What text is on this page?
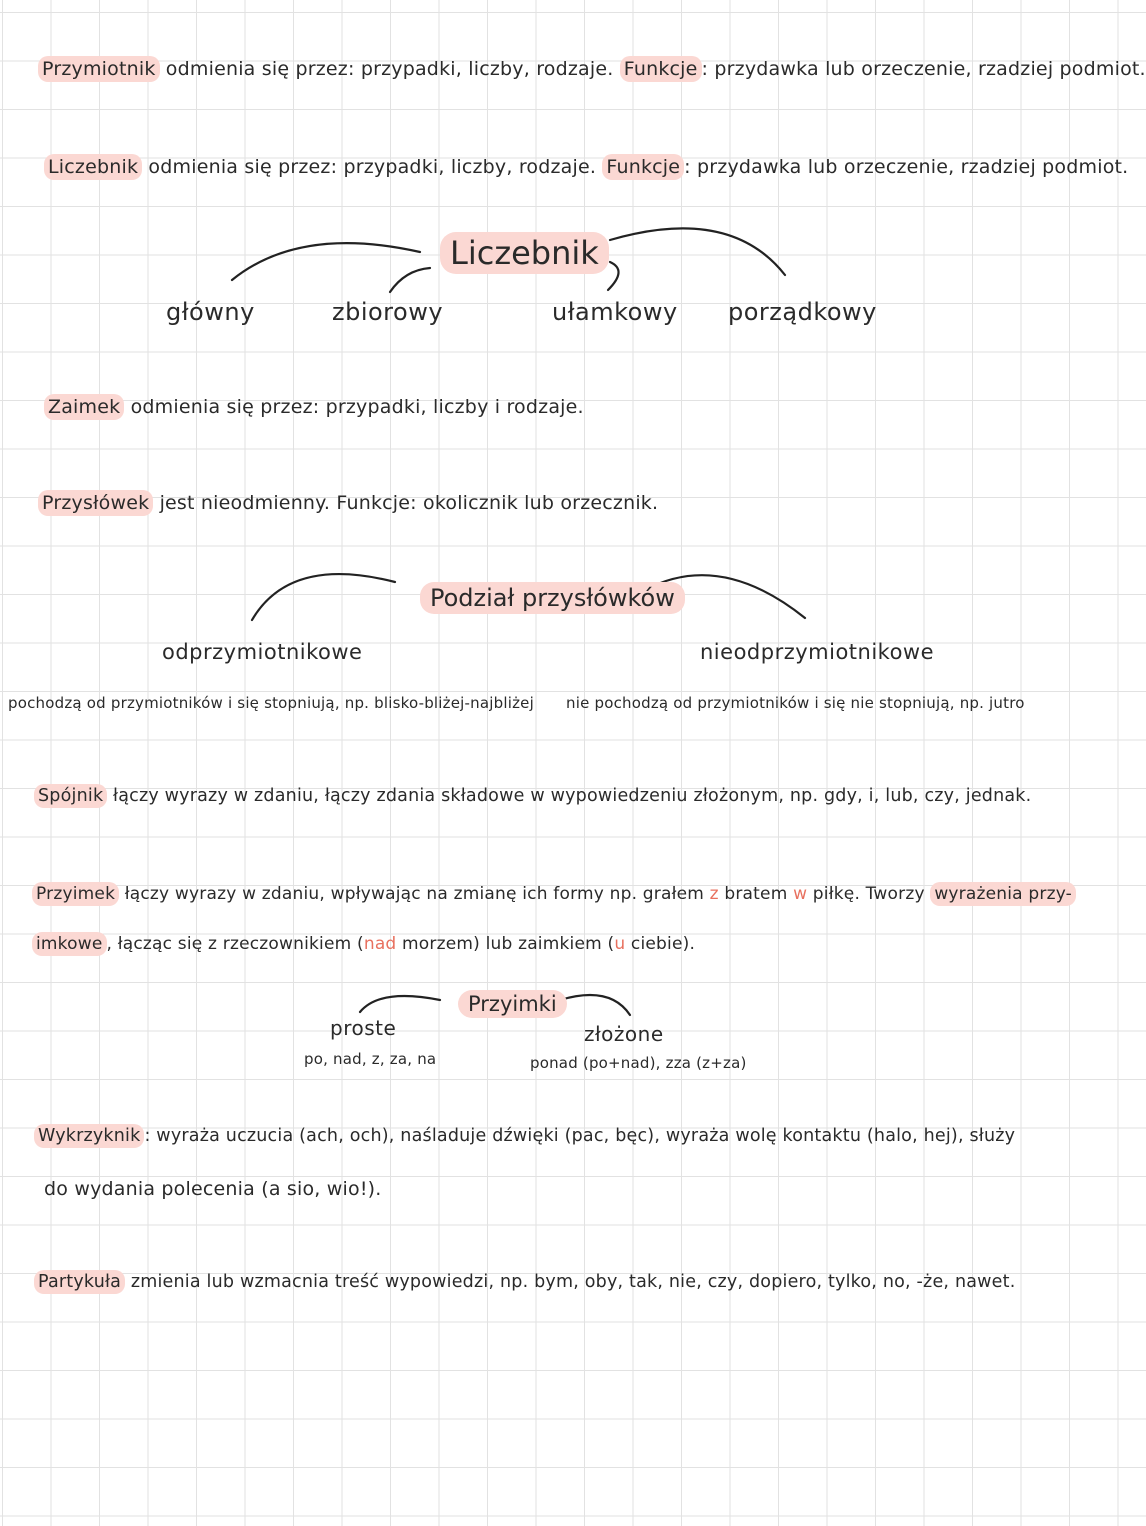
Przymiotnik odmienia się przez: przypadki, liczby, rodzaje. Funkcje : przydawka lub orzeczenie, rzadziej podmiot.
Liczebnik odmienia się przez: przypadki, liczby, rodzaje. Funkcje : przydawka lub orzeczenie, rzadziej podmiot.
Liczebnik
główny	zbiorowy	ułamkowy porządkowy
Zaimek odmienia się przez: przypadki, liczby i rodzaje.
Przysłówek jest nieodmienny. Funkcje: okolicznik lub orzecznik.
Podział przysłówków
odprzymiotnikowe	nieodprzymiotnikowe
pochodzą od przymiotników i się stopniują, np. blisko-bliżej-najbliżej nie pochodzą od przymiotników i się nie stopniują, np. jutro
Spójnik łączy wyrazy w zdaniu, łączy zdania składowe w wypowiedzeniu złożonym, np. gdy, i, lub, czy, jednak.
Przyimek łączy wyrazy w zdaniu, wpływając na zmianę ich formy np. grałem z bratem w piłkę. Tworzy wyrażenia przy-
imkowe , łącząc się z rzeczownikiem (nad morzem) lub zaimkiem (u ciebie).
Przyimki
proste	złożone
po, nad, z, za, na	ponad (po+nad), zza (z+za)
Wykrzyknik : wyraża uczucia (ach, och), naśladuje dźwięki (pac, bęc), wyraża wolę kontaktu (halo, hej), służy
do wydania polecenia (a sio, wio!).
Partykuła zmienia lub wzmacnia treść wypowiedzi, np. bym, oby, tak, nie, czy, dopiero, tylko, no, -że, nawet.
